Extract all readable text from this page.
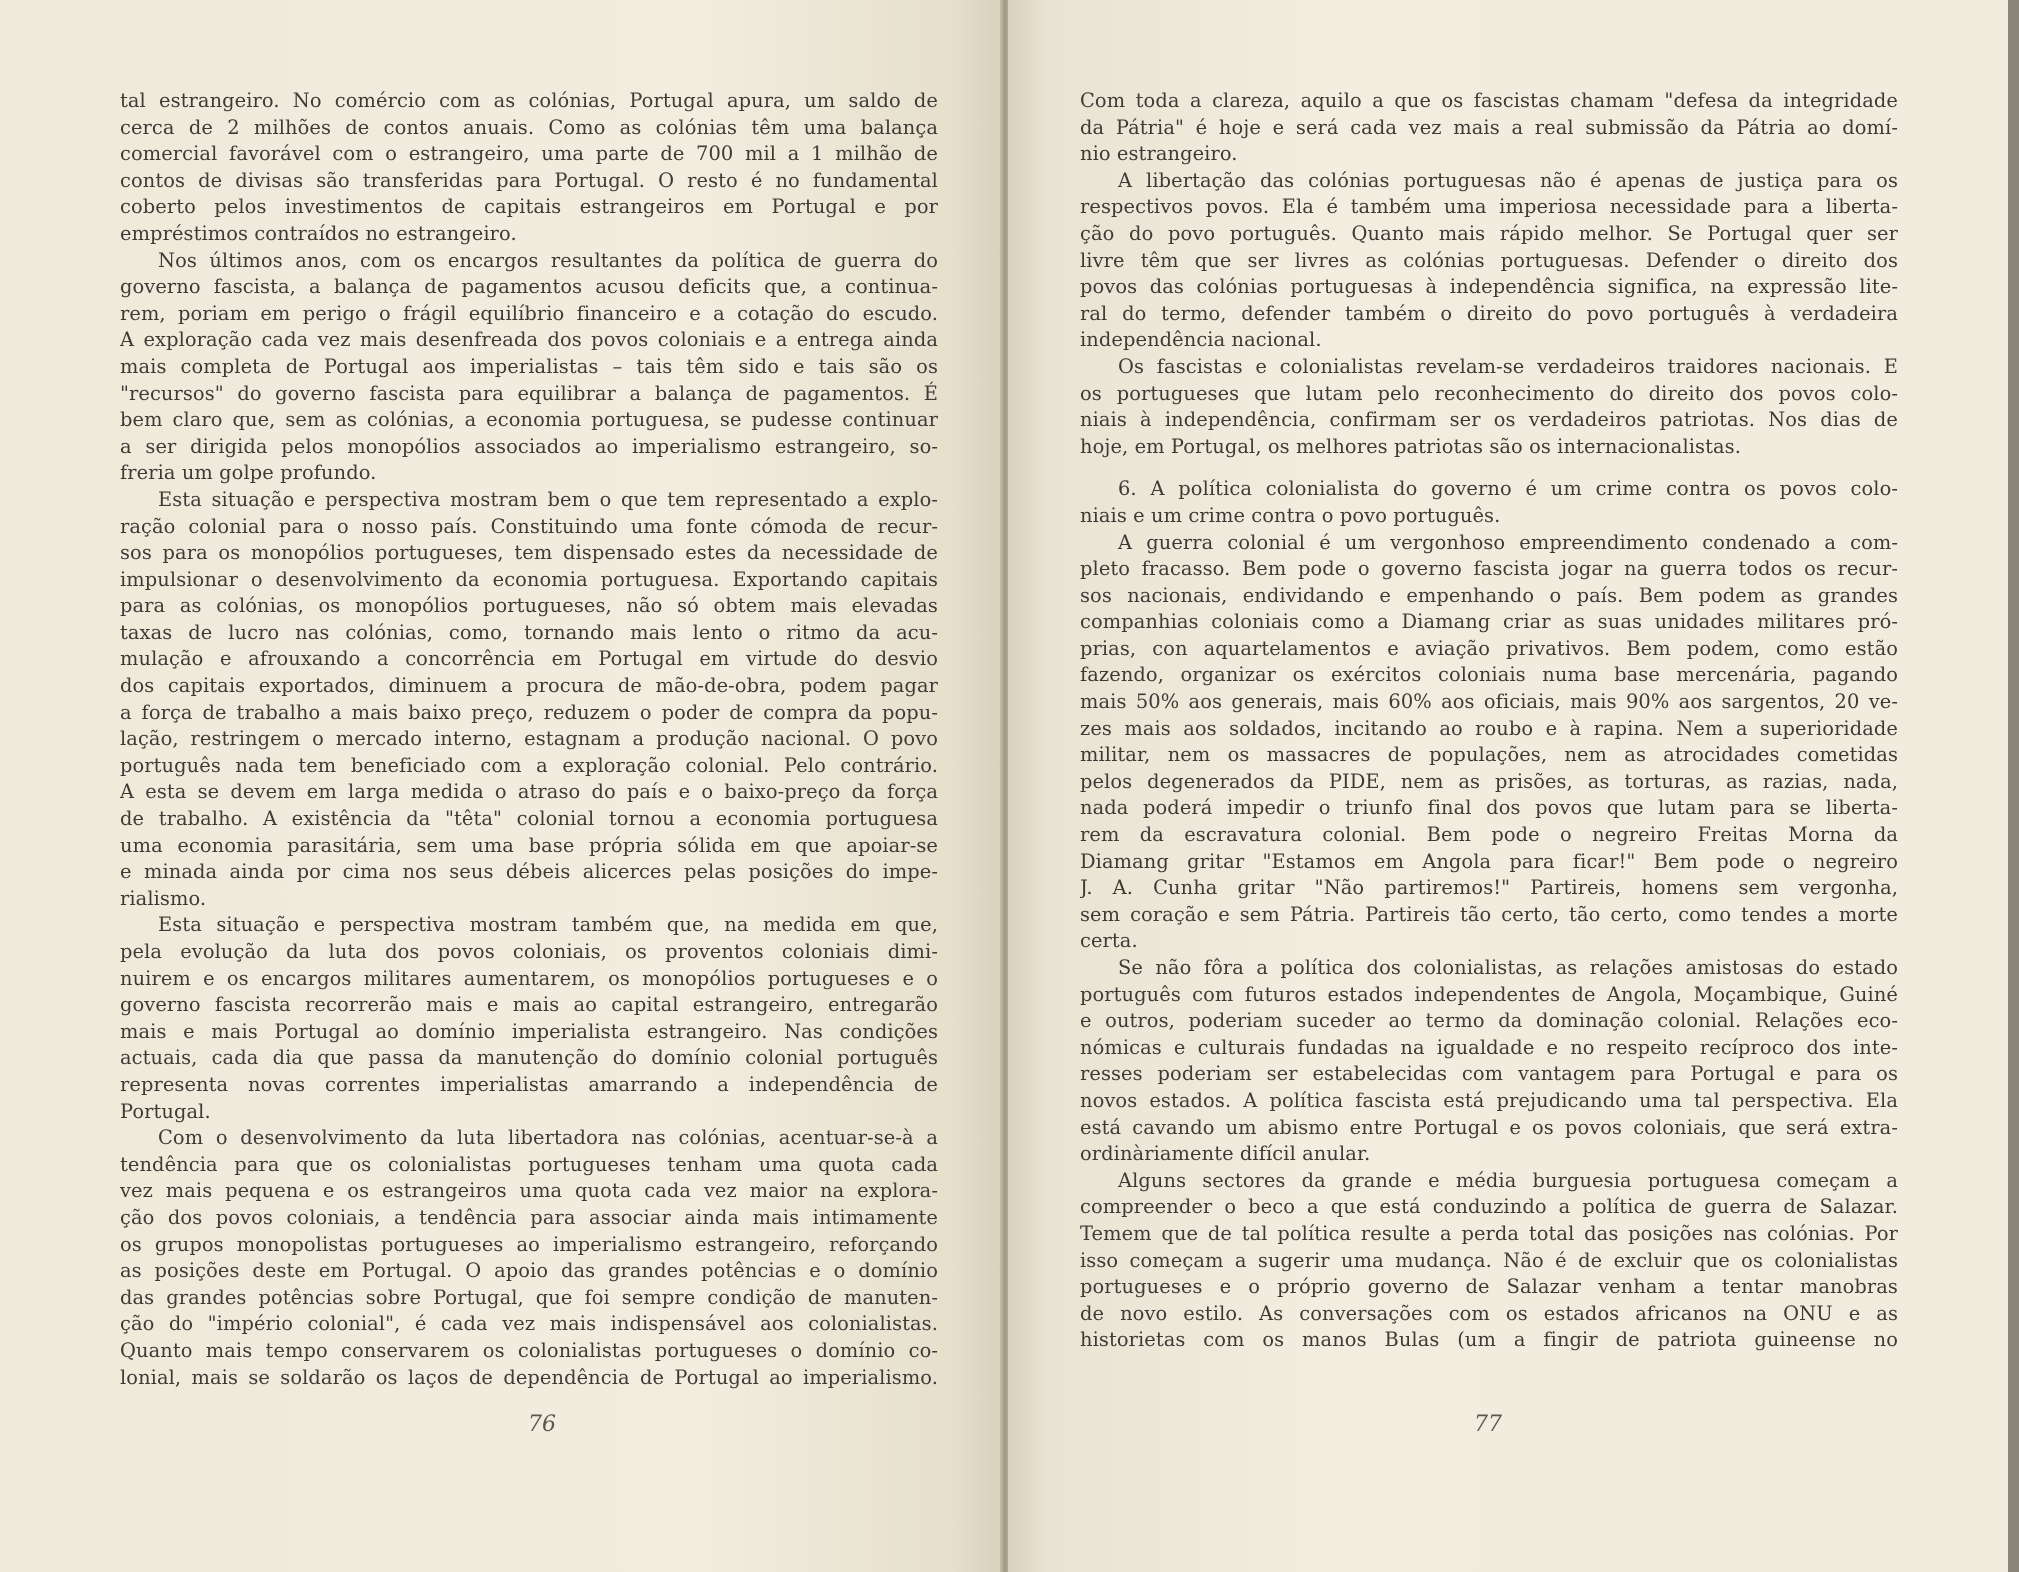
tal estrangeiro. No comércio com as colónias, Portugal apura, um saldo de
cerca de 2 milhões de contos anuais. Como as colónias têm uma balança
comercial favorável com o estrangeiro, uma parte de 700 mil a 1 milhão de
contos de divisas são transferidas para Portugal. O resto é no fundamental
coberto pelos investimentos de capitais estrangeiros em Portugal e por
empréstimos contraídos no estrangeiro.
Nos últimos anos, com os encargos resultantes da política de guerra do
governo fascista, a balança de pagamentos acusou deficits que, a continua-
rem, poriam em perigo o frágil equilíbrio financeiro e a cotação do escudo.
A exploração cada vez mais desenfreada dos povos coloniais e a entrega ainda
mais completa de Portugal aos imperialistas – tais têm sido e tais são os
"recursos" do governo fascista para equilibrar a balança de pagamentos. É
bem claro que, sem as colónias, a economia portuguesa, se pudesse continuar
a ser dirigida pelos monopólios associados ao imperialismo estrangeiro, so-
freria um golpe profundo.
Esta situação e perspectiva mostram bem o que tem representado a explo-
ração colonial para o nosso país. Constituindo uma fonte cómoda de recur-
sos para os monopólios portugueses, tem dispensado estes da necessidade de
impulsionar o desenvolvimento da economia portuguesa. Exportando capitais
para as colónias, os monopólios portugueses, não só obtem mais elevadas
taxas de lucro nas colónias, como, tornando mais lento o ritmo da acu-
mulação e afrouxando a concorrência em Portugal em virtude do desvio
dos capitais exportados, diminuem a procura de mão-de-obra, podem pagar
a força de trabalho a mais baixo preço, reduzem o poder de compra da popu-
lação, restringem o mercado interno, estagnam a produção nacional. O povo
português nada tem beneficiado com a exploração colonial. Pelo contrário.
A esta se devem em larga medida o atraso do país e o baixo-preço da força
de trabalho. A existência da "têta" colonial tornou a economia portuguesa
uma economia parasitária, sem uma base própria sólida em que apoiar-se
e minada ainda por cima nos seus débeis alicerces pelas posições do impe-
rialismo.
Esta situação e perspectiva mostram também que, na medida em que,
pela evolução da luta dos povos coloniais, os proventos coloniais dimi-
nuirem e os encargos militares aumentarem, os monopólios portugueses e o
governo fascista recorrerão mais e mais ao capital estrangeiro, entregarão
mais e mais Portugal ao domínio imperialista estrangeiro. Nas condições
actuais, cada dia que passa da manutenção do domínio colonial português
representa novas correntes imperialistas amarrando a independência de
Portugal.
Com o desenvolvimento da luta libertadora nas colónias, acentuar-se-à a
tendência para que os colonialistas portugueses tenham uma quota cada
vez mais pequena e os estrangeiros uma quota cada vez maior na explora-
ção dos povos coloniais, a tendência para associar ainda mais intimamente
os grupos monopolistas portugueses ao imperialismo estrangeiro, reforçando
as posições deste em Portugal. O apoio das grandes potências e o domínio
das grandes potências sobre Portugal, que foi sempre condição de manuten-
ção do "império colonial", é cada vez mais indispensável aos colonialistas.
Quanto mais tempo conservarem os colonialistas portugueses o domínio co-
lonial, mais se soldarão os laços de dependência de Portugal ao imperialismo.
76
Com toda a clareza, aquilo a que os fascistas chamam "defesa da integridade
da Pátria" é hoje e será cada vez mais a real submissão da Pátria ao domí-
nio estrangeiro.
A libertação das colónias portuguesas não é apenas de justiça para os
respectivos povos. Ela é também uma imperiosa necessidade para a liberta-
ção do povo português. Quanto mais rápido melhor. Se Portugal quer ser
livre têm que ser livres as colónias portuguesas. Defender o direito dos
povos das colónias portuguesas à independência significa, na expressão lite-
ral do termo, defender também o direito do povo português à verdadeira
independência nacional.
Os fascistas e colonialistas revelam-se verdadeiros traidores nacionais. E
os portugueses que lutam pelo reconhecimento do direito dos povos colo-
niais à independência, confirmam ser os verdadeiros patriotas. Nos dias de
hoje, em Portugal, os melhores patriotas são os internacionalistas.
6. A política colonialista do governo é um crime contra os povos colo-
niais e um crime contra o povo português.
A guerra colonial é um vergonhoso empreendimento condenado a com-
pleto fracasso. Bem pode o governo fascista jogar na guerra todos os recur-
sos nacionais, endividando e empenhando o país. Bem podem as grandes
companhias coloniais como a Diamang criar as suas unidades militares pró-
prias, con aquartelamentos e aviação privativos. Bem podem, como estão
fazendo, organizar os exércitos coloniais numa base mercenária, pagando
mais 50% aos generais, mais 60% aos oficiais, mais 90% aos sargentos, 20 ve-
zes mais aos soldados, incitando ao roubo e à rapina. Nem a superioridade
militar, nem os massacres de populações, nem as atrocidades cometidas
pelos degenerados da PIDE, nem as prisões, as torturas, as razias, nada,
nada poderá impedir o triunfo final dos povos que lutam para se liberta-
rem da escravatura colonial. Bem pode o negreiro Freitas Morna da
Diamang gritar "Estamos em Angola para ficar!" Bem pode o negreiro
J. A. Cunha gritar "Não partiremos!" Partireis, homens sem vergonha,
sem coração e sem Pátria. Partireis tão certo, tão certo, como tendes a morte
certa.
Se não fôra a política dos colonialistas, as relações amistosas do estado
português com futuros estados independentes de Angola, Moçambique, Guiné
e outros, poderiam suceder ao termo da dominação colonial. Relações eco-
nómicas e culturais fundadas na igualdade e no respeito recíproco dos inte-
resses poderiam ser estabelecidas com vantagem para Portugal e para os
novos estados. A política fascista está prejudicando uma tal perspectiva. Ela
está cavando um abismo entre Portugal e os povos coloniais, que será extra-
ordinàriamente difícil anular.
Alguns sectores da grande e média burguesia portuguesa começam a
compreender o beco a que está conduzindo a política de guerra de Salazar.
Temem que de tal política resulte a perda total das posições nas colónias. Por
isso começam a sugerir uma mudança. Não é de excluir que os colonialistas
portugueses e o próprio governo de Salazar venham a tentar manobras
de novo estilo. As conversações com os estados africanos na ONU e as
historietas com os manos Bulas (um a fingir de patriota guineense no
77
